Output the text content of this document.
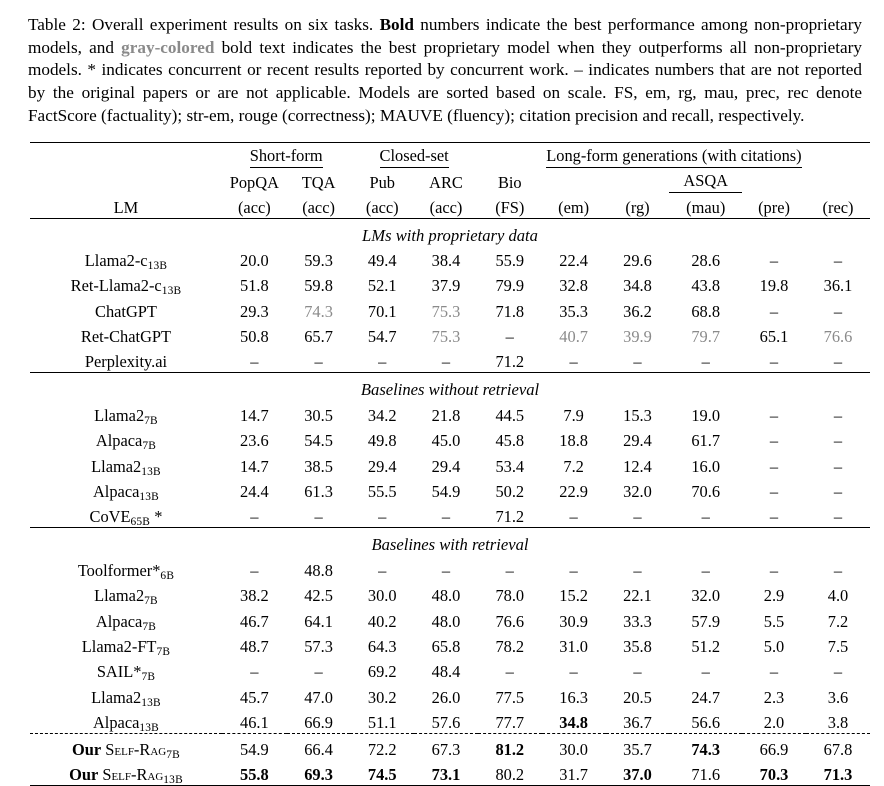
Table 2: Overall experiment results on six tasks. Bold numbers indicate the best performance among non-proprietary models, and gray-colored bold text indicates the best proprietary model when they outperforms all non-proprietary models. * indicates concurrent or recent results reported by concurrent work. – indicates numbers that are not reported by the original papers or are not applicable. Models are sorted based on scale. FS, em, rg, mau, prec, rec denote FactScore (factuality); str-em, rouge (correctness); MAUVE (fluency); citation precision and recall, respectively.
	Short-form		Closed-set		Long-form generations (with citations)					
	PopQA	TQA	Pub	ARC	Bio			ASQA		
LM	(acc)	(acc)	(acc)	(acc)	(FS)	(em)	(rg)	(mau)	(pre)	(rec)
LMs with proprietary data										
$Llama2-c_{13B}$	20.0	59.3	49.4	38.4	55.9	22.4	29.6	28.6	–	–
Ret-$Llama2-c_{13B}$	51.8	59.8	52.1	37.9	79.9	32.8	34.8	43.8	19.8	36.1
ChatGPT	29.3	74.3	70.1	75.3	71.8	35.3	36.2	68.8	–	–
Ret-ChatGPT	50.8	65.7	54.7	75.3	–	40.7	39.9	79.7	65.1	76.6
Perplexity.ai	–	–	–	–	71.2	–	–	–	–	–
Baselines without retrieval										
$Llama2_{7B}$	14.7	30.5	34.2	21.8	44.5	7.9	15.3	19.0	–	–
Alpaca$_{7B}$	23.6	54.5	49.8	45.0	45.8	18.8	29.4	61.7	–	–
$Llama2_{13B}$	14.7	38.5	29.4	29.4	53.4	7.2	12.4	16.0	–	–
Alpaca$_{13B}$	24.4	61.3	55.5	54.9	50.2	22.9	32.0	70.6	–	–
CoVE$_{65B}$ *	–	–	–	–	71.2	–	–	–	–	–
Baselines with retrieval										
$Toolformer*_{6B}$	–	48.8	–	–	–	–	–	–	–	–
$Llama2_{7B}$	38.2	42.5	30.0	48.0	78.0	15.2	22.1	32.0	2.9	4.0
Alpaca$_{7B}$	46.7	64.1	40.2	48.0	76.6	30.9	33.3	57.9	5.5	7.2
$Llama2-FT_{7B}$	48.7	57.3	64.3	65.8	78.2	31.0	35.8	51.2	5.0	7.5
$SAIL*_{7B}$	–	–	69.2	48.4	–	–	–	–	–	–
$Llama2_{13B}$	45.7	47.0	30.2	26.0	77.5	16.3	20.5	24.7	2.3	3.6
Alpaca$_{13B}$	46.1	66.9	51.1	57.6	77.7	34.8	36.7	56.6	2.0	3.8
Our Self-Rag$_{7B}$	54.9	66.4	72.2	67.3	81.2	30.0	35.7	74.3	66.9	67.8
Our Self-Rag$_{13B}$	55.8	69.3	74.5	73.1	80.2	31.7	37.0	71.6	70.3	71.3
